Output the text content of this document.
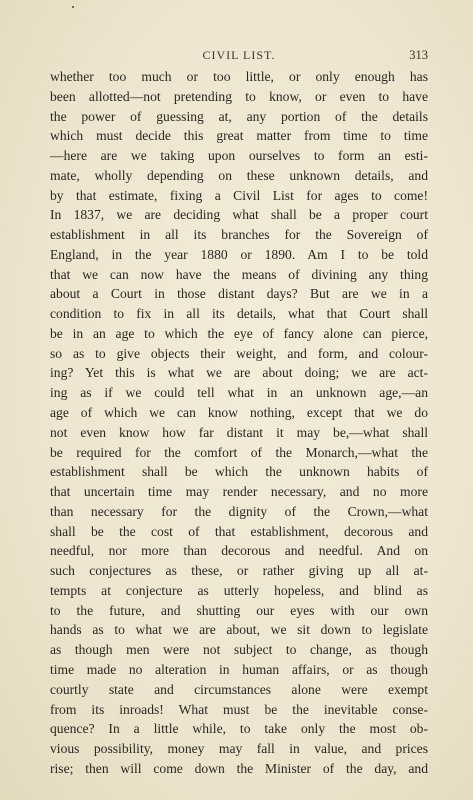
CIVIL LIST.	313
whether too much or too little, or only enough has
been allotted—not pretending to know, or even to have
the power of guessing at, any portion of the details
which must decide this great matter from time to time
—here are we taking upon ourselves to form an esti-
mate, wholly depending on these unknown details, and
by that estimate, fixing a Civil List for ages to come!
In 1837, we are deciding what shall be a proper court
establishment in all its branches for the Sovereign of
England, in the year 1880 or 1890. Am I to be told
that we can now have the means of divining any thing
about a Court in those distant days? But are we in a
condition to fix in all its details, what that Court shall
be in an age to which the eye of fancy alone can pierce,
so as to give objects their weight, and form, and colour-
ing? Yet this is what we are about doing; we are act-
ing as if we could tell what in an unknown age,—an
age of which we can know nothing, except that we do
not even know how far distant it may be,—what shall
be required for the comfort of the Monarch,—what the
establishment shall be which the unknown habits of
that uncertain time may render necessary, and no more
than necessary for the dignity of the Crown,—what
shall be the cost of that establishment, decorous and
needful, nor more than decorous and needful. And on
such conjectures as these, or rather giving up all at-
tempts at conjecture as utterly hopeless, and blind as
to the future, and shutting our eyes with our own
hands as to what we are about, we sit down to legislate
as though men were not subject to change, as though
time made no alteration in human affairs, or as though
courtly state and circumstances alone were exempt
from its inroads! What must be the inevitable conse-
quence? In a little while, to take only the most ob-
vious possibility, money may fall in value, and prices
rise; then will come down the Minister of the day, and
